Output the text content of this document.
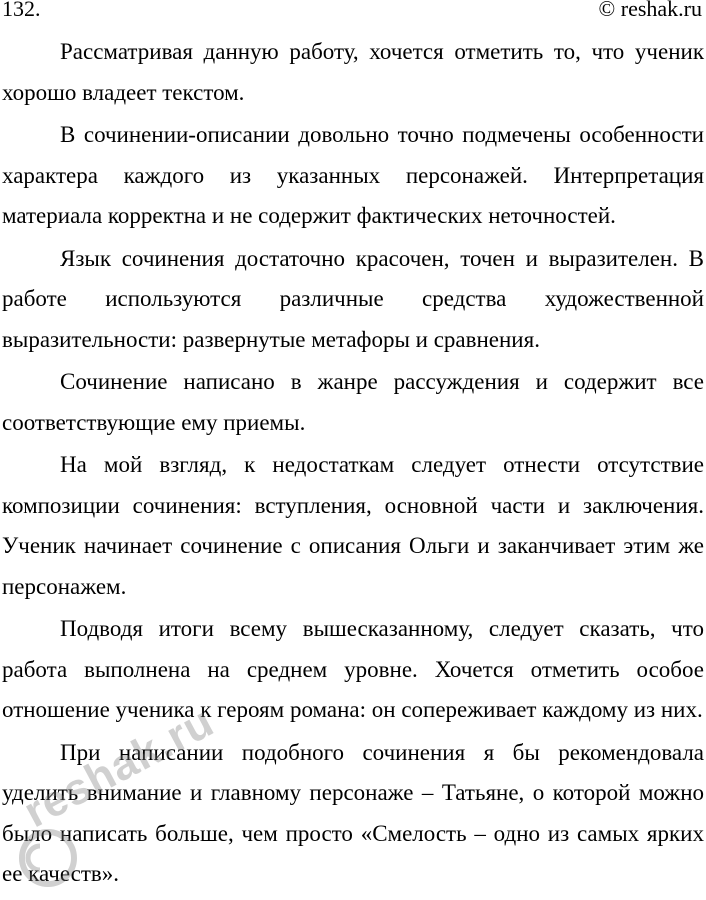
132.	© reshak.ru

Рассматривая данную работу, хочется отметить то, что ученик хорошо владеет текстом.

В сочинении-описании довольно точно подмечены особенности характера каждого из указанных персонажей. Интерпретация материала корректна и не содержит фактических неточностей.

Язык сочинения достаточно красочен, точен и выразителен. В работе используются различные средства художественной выразительности: развернутые метафоры и сравнения.

Сочинение написано в жанре рассуждения и содержит все соответствующие ему приемы.

На мой взгляд, к недостаткам следует отнести отсутствие композиции сочинения: вступления, основной части и заключения. Ученик начинает сочинение с описания Ольги и заканчивает этим же персонажем.

Подводя итоги всему вышесказанному, следует сказать, что работа выполнена на среднем уровне. Хочется отметить особое отношение ученика к героям романа: он сопереживает каждому из них.

При написании подобного сочинения я бы рекомендовала уделить внимание и главному персонаже – Татьяне, о которой можно было написать больше, чем просто «Смелость – одно из самых ярких ее качеств».

reshak.ru
